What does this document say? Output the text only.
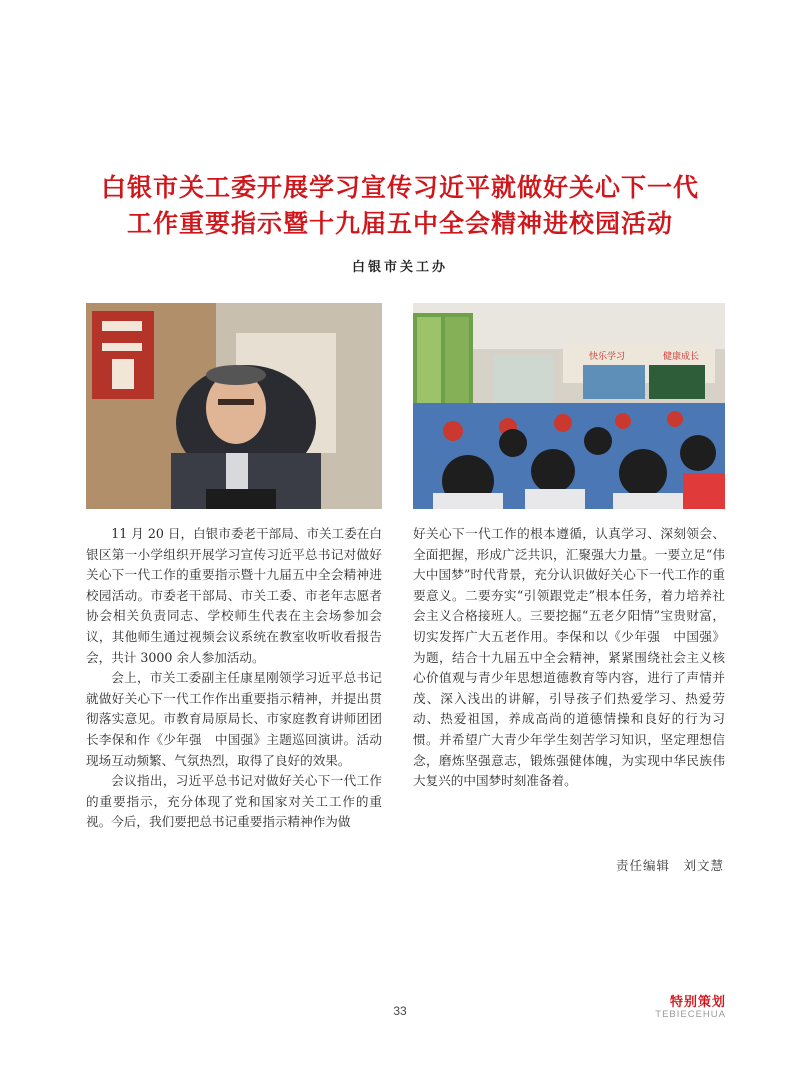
白银市关工委开展学习宣传习近平就做好关心下一代
工作重要指示暨十九届五中全会精神进校园活动
白银市关工办
快乐学习	健康成长

11 月 20 日，白银市委老干部局、市关工委在白银区第一小学组织开展学习宣传习近平总书记对做好关心下一代工作的重要指示暨十九届五中全会精神进校园活动。市委老干部局、市关工委、市老年志愿者协会相关负责同志、学校师生代表在主会场参加会议，其他师生通过视频会议系统在教室收听收看报告会，共计 3000 余人参加活动。

会上，市关工委副主任康星刚领学习近平总书记就做好关心下一代工作作出重要指示精神，并提出贯彻落实意见。市教育局原局长、市家庭教育讲师团团长李保和作《少年强　中国强》主题巡回演讲。活动现场互动频繁、气氛热烈，取得了良好的效果。

会议指出，习近平总书记对做好关心下一代工作的重要指示，充分体现了党和国家对关工工作的重视。今后，我们要把总书记重要指示精神作为做

好关心下一代工作的根本遵循，认真学习、深刻领会、全面把握，形成广泛共识，汇聚强大力量。一要立足“伟大中国梦”时代背景，充分认识做好关心下一代工作的重要意义。二要夯实“引领跟党走”根本任务，着力培养社会主义合格接班人。三要挖掘“五老夕阳情”宝贵财富，切实发挥广大五老作用。李保和以《少年强　中国强》为题，结合十九届五中全会精神，紧紧围绕社会主义核心价值观与青少年思想道德教育等内容，进行了声情并茂、深入浅出的讲解，引导孩子们热爱学习、热爱劳动、热爱祖国，养成高尚的道德情操和良好的行为习惯。并希望广大青少年学生刻苦学习知识，坚定理想信念，磨炼坚强意志，锻炼强健体魄，为实现中华民族伟大复兴的中国梦时刻准备着。

责任编辑　刘文慧
33
特别策划
TEBIECEHUA
